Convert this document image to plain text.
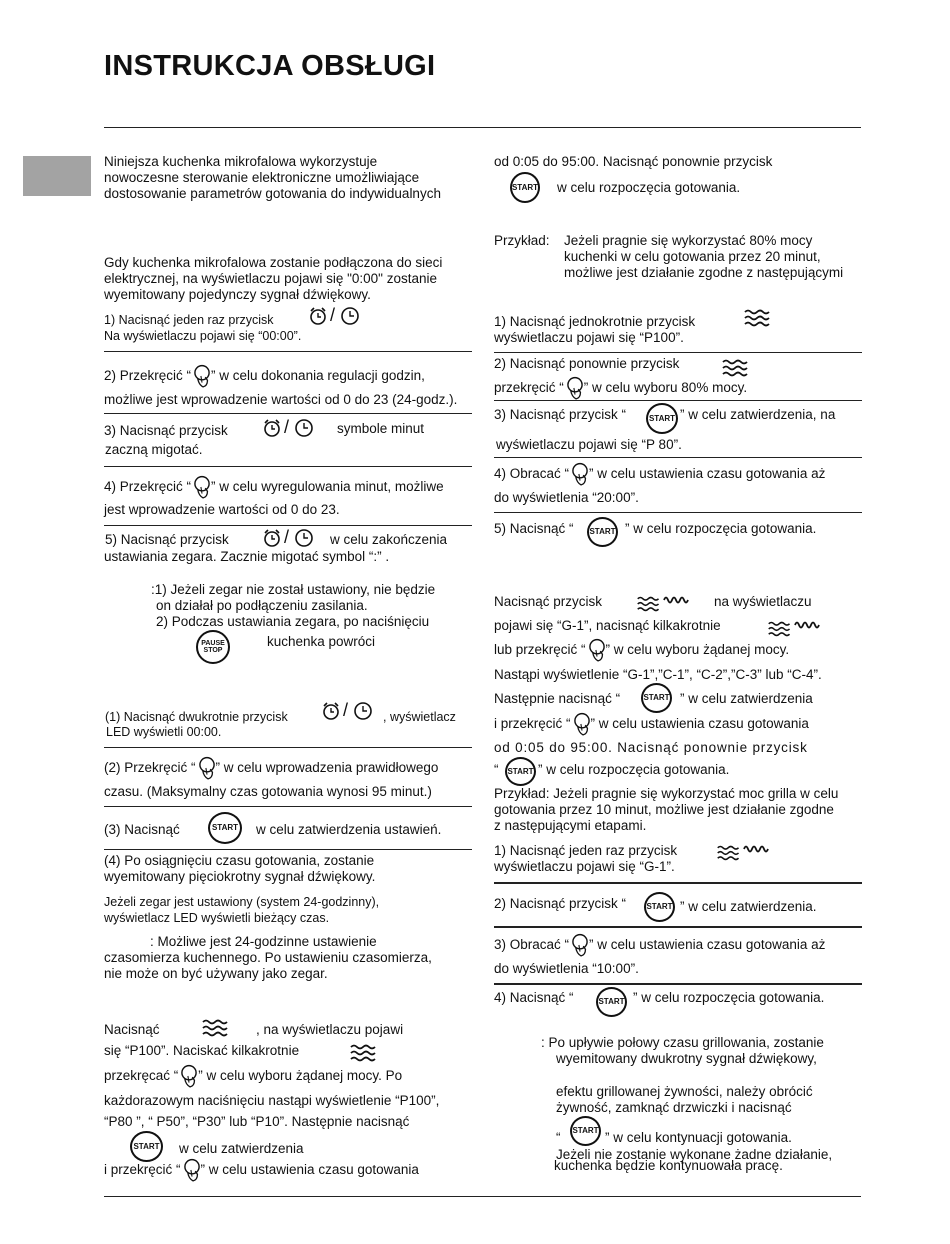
INSTRUKCJA OBSŁUGI
Niniejsza kuchenka mikrofalowa wykorzystuje
nowoczesne sterowanie elektroniczne umożliwiające
dostosowanie parametrów gotowania do indywidualnych
Gdy kuchenka mikrofalowa zostanie podłączona do sieci
elektrycznej, na wyświetlaczu pojawi się "0:00" zostanie
wyemitowany pojedynczy sygnał dźwiękowy.
1) Nacisnąć jeden raz przycisk	/
Na wyświetlaczu pojawi się “00:00”.
2) Przekręcić “ ” w celu dokonania regulacji godzin,
możliwe jest wprowadzenie wartości od 0 do 23 (24-godz.).
3) Nacisnąć przycisk	/	symbole minut
zaczną migotać.
4) Przekręcić “ ” w celu wyregulowania minut, możliwe
jest wprowadzenie wartości od 0 do 23.
5) Nacisnąć przycisk	/	w celu zakończenia
ustawiania zegara. Zacznie migotać symbol “:” .
:1) Jeżeli zegar nie został ustawiony, nie będzie
on działał po podłączeniu zasilania.
2) Podczas ustawiania zegara, po naciśnięciu
PAUSE
STOP
kuchenka powróci
(1) Nacisnąć dwukrotnie przycisk	/	, wyświetlacz
LED wyświetli 00:00.
(2) Przekręcić “ ” w celu wprowadzenia prawidłowego
czasu. (Maksymalny czas gotowania wynosi 95 minut.)
(3) Nacisnąć	START w celu zatwierdzenia ustawień.
(4) Po osiągnięciu czasu gotowania, zostanie
wyemitowany pięciokrotny sygnał dźwiękowy.
Jeżeli zegar jest ustawiony (system 24-godzinny),
wyświetlacz LED wyświetli bieżący czas.
: Możliwe jest 24-godzinne ustawienie
czasomierza kuchennego. Po ustawieniu czasomierza,
nie może on być używany jako zegar.
Nacisnąć	, na wyświetlaczu pojawi
się “P100”. Naciskać kilkakrotnie
przekręcać “ ” w celu wyboru żądanej mocy. Po
każdorazowym naciśnięciu nastąpi wyświetlenie “P100”,
“P80 ”, “ P50”, “P30” lub “P10”. Następnie nacisnąć
START w celu zatwierdzenia
i przekręcić “ ” w celu ustawienia czasu gotowania
od 0:05 do 95:00. Nacisnąć ponownie przycisk
START w celu rozpoczęcia gotowania.
Przykład: Jeżeli pragnie się wykorzystać 80% mocy
kuchenki w celu gotowania przez 20 minut,
możliwe jest działanie zgodne z następującymi
1) Nacisnąć jednokrotnie przycisk
wyświetlaczu pojawi się “P100”.
2) Nacisnąć ponownie przycisk
przekręcić “ ” w celu wyboru 80% mocy.
3) Nacisnąć przycisk “	START ” w celu zatwierdzenia, na
wyświetlaczu pojawi się “P 80”.
4) Obracać “ ” w celu ustawienia czasu gotowania aż
do wyświetlenia “20:00”.
5) Nacisnąć “	START ” w celu rozpoczęcia gotowania.
Nacisnąć przycisk	na wyświetlaczu
pojawi się “G-1”, nacisnąć kilkakrotnie
lub przekręcić “ ” w celu wyboru żądanej mocy.
Nastąpi wyświetlenie “G-1”,”C-1”, “C-2”,”C-3” lub “C-4”.
Następnie nacisnąć “	START ” w celu zatwierdzenia
i przekręcić “ ” w celu ustawienia czasu gotowania
od 0:05 do 95:00. Nacisnąć ponownie przycisk
“	START ” w celu rozpoczęcia gotowania.
Przykład: Jeżeli pragnie się wykorzystać moc grilla w celu
gotowania przez 10 minut, możliwe jest działanie zgodne
z następującymi etapami.
1) Nacisnąć jeden raz przycisk
wyświetlaczu pojawi się “G-1”.
2) Nacisnąć przycisk “	START ” w celu zatwierdzenia.
3) Obracać “ ” w celu ustawienia czasu gotowania aż
do wyświetlenia “10:00”.
4) Nacisnąć “	START ” w celu rozpoczęcia gotowania.
: Po upływie połowy czasu grillowania, zostanie
wyemitowany dwukrotny sygnał dźwiękowy,
efektu grillowanej żywności, należy obrócić
żywność, zamknąć drzwiczki i nacisnąć
“	START ” w celu kontynuacji gotowania.
Jeżeli nie zostanie wykonane żadne działanie,
kuchenka będzie kontynuowała pracę.
